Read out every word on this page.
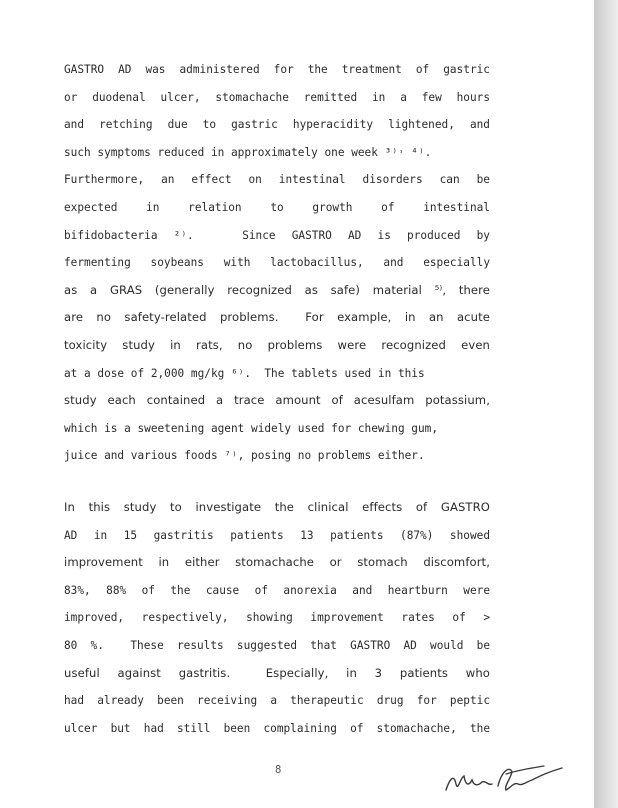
GASTRO AD was administered for the treatment of gastric
or duodenal ulcer, stomachache remitted in a few hours
and retching due to gastric hyperacidity lightened, and
such symptoms reduced in approximately one week ³⁾˒ ⁴⁾.
Furthermore, an effect on intestinal disorders can be
expected in relation to growth of intestinal
bifidobacteria ²⁾.   Since GASTRO AD is produced by
fermenting soybeans with lactobacillus, and especially
as a GRAS (generally recognized as safe) material ⁵⁾, there
are no safety-related problems.  For example, in an acute
toxicity study in rats, no problems were recognized even
at a dose of 2,000 mg/kg ⁶⁾.  The tablets used in this
study each contained a trace amount of acesulfam potassium,
which is a sweetening agent widely used for chewing gum,
juice and various foods ⁷⁾, posing no problems either.
In this study to investigate the clinical effects of GASTRO
AD in 15 gastritis patients 13 patients (87%) showed
improvement in either stomachache or stomach discomfort,
83%, 88% of the cause of anorexia and heartburn were
improved, respectively, showing improvement rates of >
80 %.  These results suggested that GASTRO AD would be
useful against gastritis.  Especially, in 3 patients who
had already been receiving a therapeutic drug for peptic
ulcer but had still been complaining of stomachache, the
8
